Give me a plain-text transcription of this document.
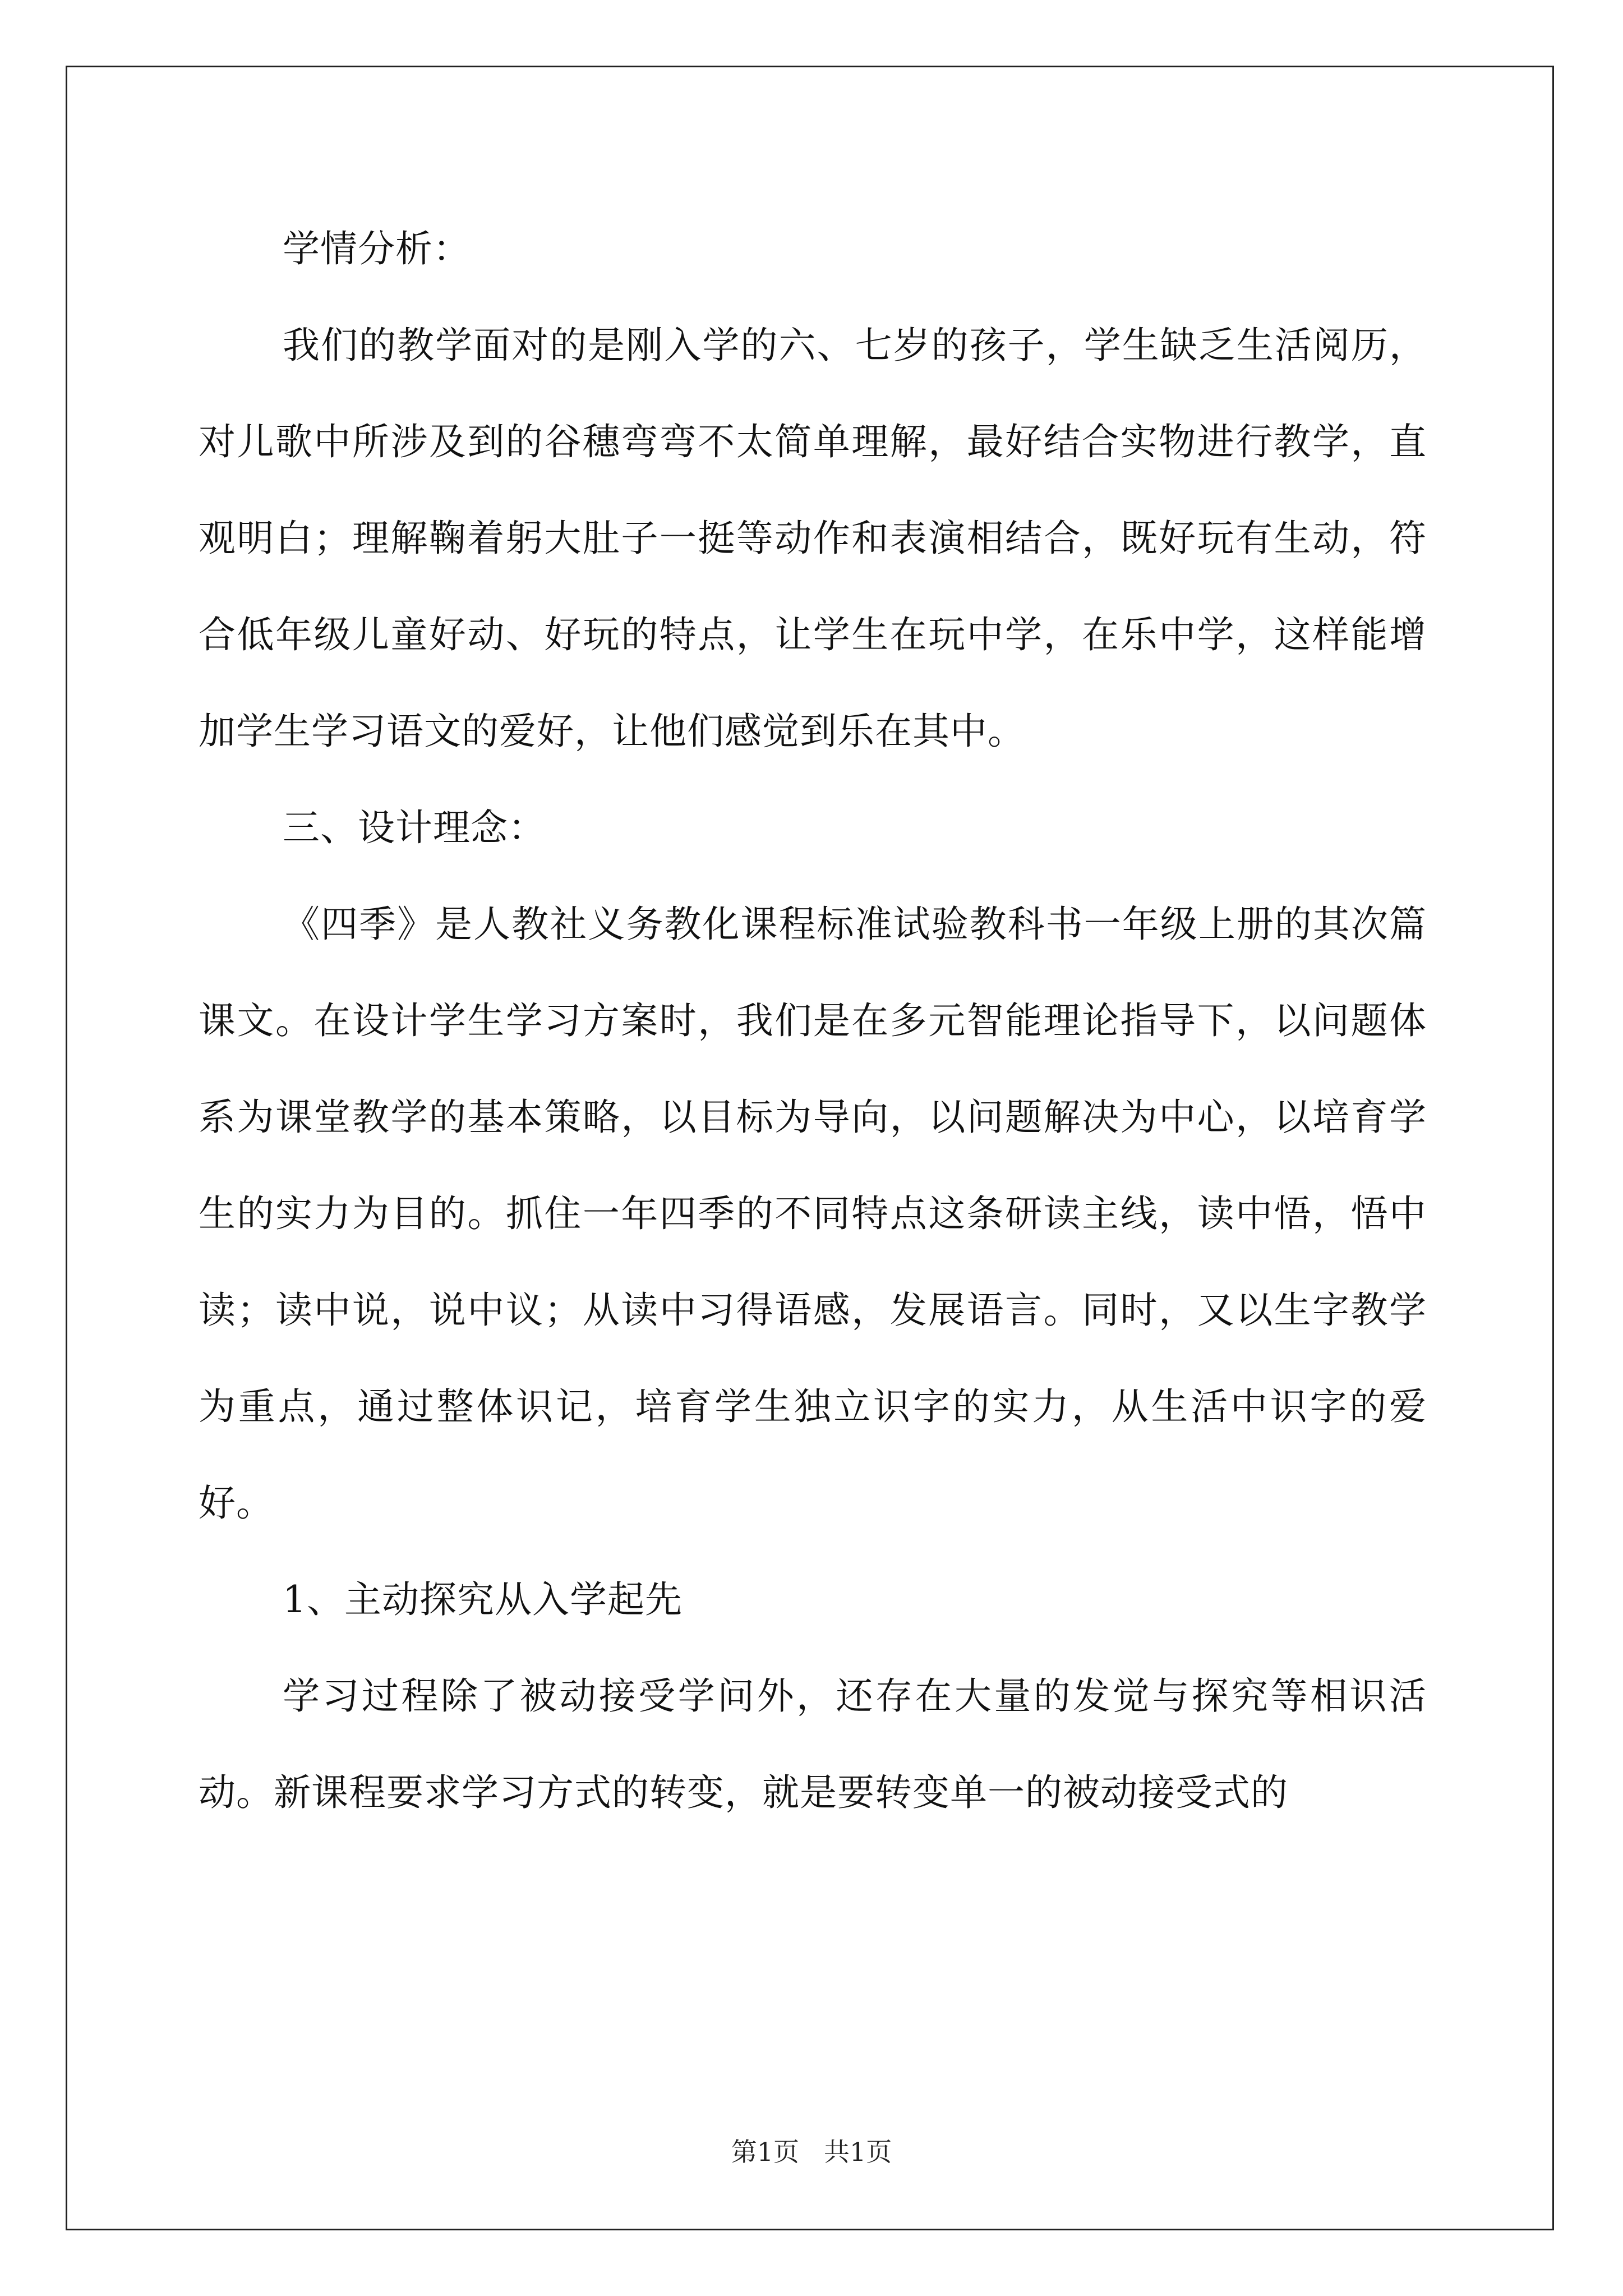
学情分析：

我们的教学面对的是刚入学的六、七岁的孩子，学生缺乏生活阅历，对儿歌中所涉及到的谷穗弯弯不太简单理解，最好结合实物进行教学，直观明白；理解鞠着躬大肚子一挺等动作和表演相结合，既好玩有生动，符合低年级儿童好动、好玩的特点，让学生在玩中学，在乐中学，这样能增加学生学习语文的爱好，让他们感觉到乐在其中。

三、设计理念：

《四季》是人教社义务教化课程标准试验教科书一年级上册的其次篇课文。在设计学生学习方案时，我们是在多元智能理论指导下，以问题体系为课堂教学的基本策略，以目标为导向，以问题解决为中心，以培育学生的实力为目的。抓住一年四季的不同特点这条研读主线，读中悟，悟中读；读中说，说中议；从读中习得语感，发展语言。同时，又以生字教学为重点，通过整体识记，培育学生独立识字的实力，从生活中识字的爱好。

1、主动探究从入学起先

学习过程除了被动接受学问外，还存在大量的发觉与探究等相识活动。新课程要求学习方式的转变，就是要转变单一的被动接受式的

第1页 共1页
